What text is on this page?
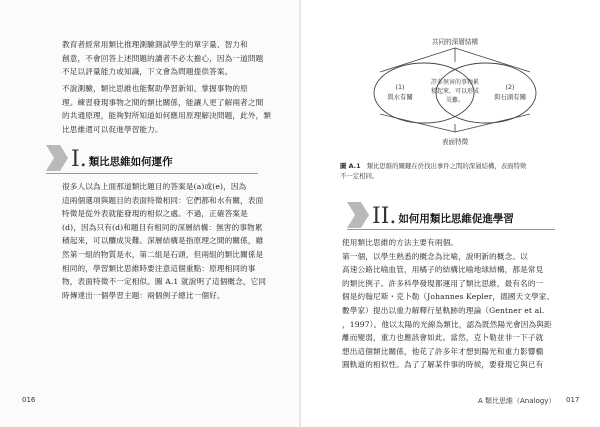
教育者經常用類比推理測驗測試學生的單字量、智力和
創意，不會回答上述問題的讀者不必太擔心，因為一道問題
不足以評量能力或知識，下文會為問題提供答案。
不說測驗，類比思維也能幫助學習新知、掌握事物的原
理。練習發現事物之間的類比關係，能讓人更了解兩者之間
的共通原理，能夠對所知道如何應用原理解決問題，此外，類
比思維還可以促進學習能力。
I. 類比思維如何運作
很多人以為上面那道類比題目的答案是(a)或(e)，因為
這兩個選項與題目的表面特徵相同：它們都和水有關，表面
特徵是從外表就能發現的相似之處。不過，正確答案是
(d)，因為只有(d)和題目有相同的深層結構：無害的事物累
積起來，可以釀成災難。深層結構是指原理之間的關係，雖
然第一組的物質是水，第二組是石頭，但兩組的類比關係是
相同的，學習類比思維時要注意這個重點：原理相同的事
物，表面特徵不一定相似。圖 A.1 就說明了這個概念，它同
時傳達出一個學習主題：兩個例子總比一個好。
016
共同的深層結構
(1)
與水有關
(2)
與石頭有關
許多無害的事物累
積起來，可以形成
災難。
表面特徵
圖 A.1 類比思維的關鍵在於找出事件之間的深層結構，表面特徵
不一定相同。
II. 如何用類比思維促進學習
使用類比思維的方法主要有兩個。
第一個，以學生熟悉的概念為比喻，說明新的概念。以
高速公路比喻血管，用橘子的結構比喻地球結構，都是常見
的類比例子。許多科學發現都運用了類比思維，最有名的一
個是約翰尼斯・克卜勒（Johannes Kepler，德國天文學家、
數學家）提出以重力解釋行星軌跡的理論（Gentner et al.
，1997）。他以太陽的光線為類比，認為既然陽光會因為與距
離而變弱，重力也應該會如此。當然，克卜勒並非一下子就
想出這個類比關係，他花了許多年才想到陽光和重力影響橢
圓軌道的相似性。為了了解某件事的時候，要發現它與已有
A 類比思維（Analogy） 017
